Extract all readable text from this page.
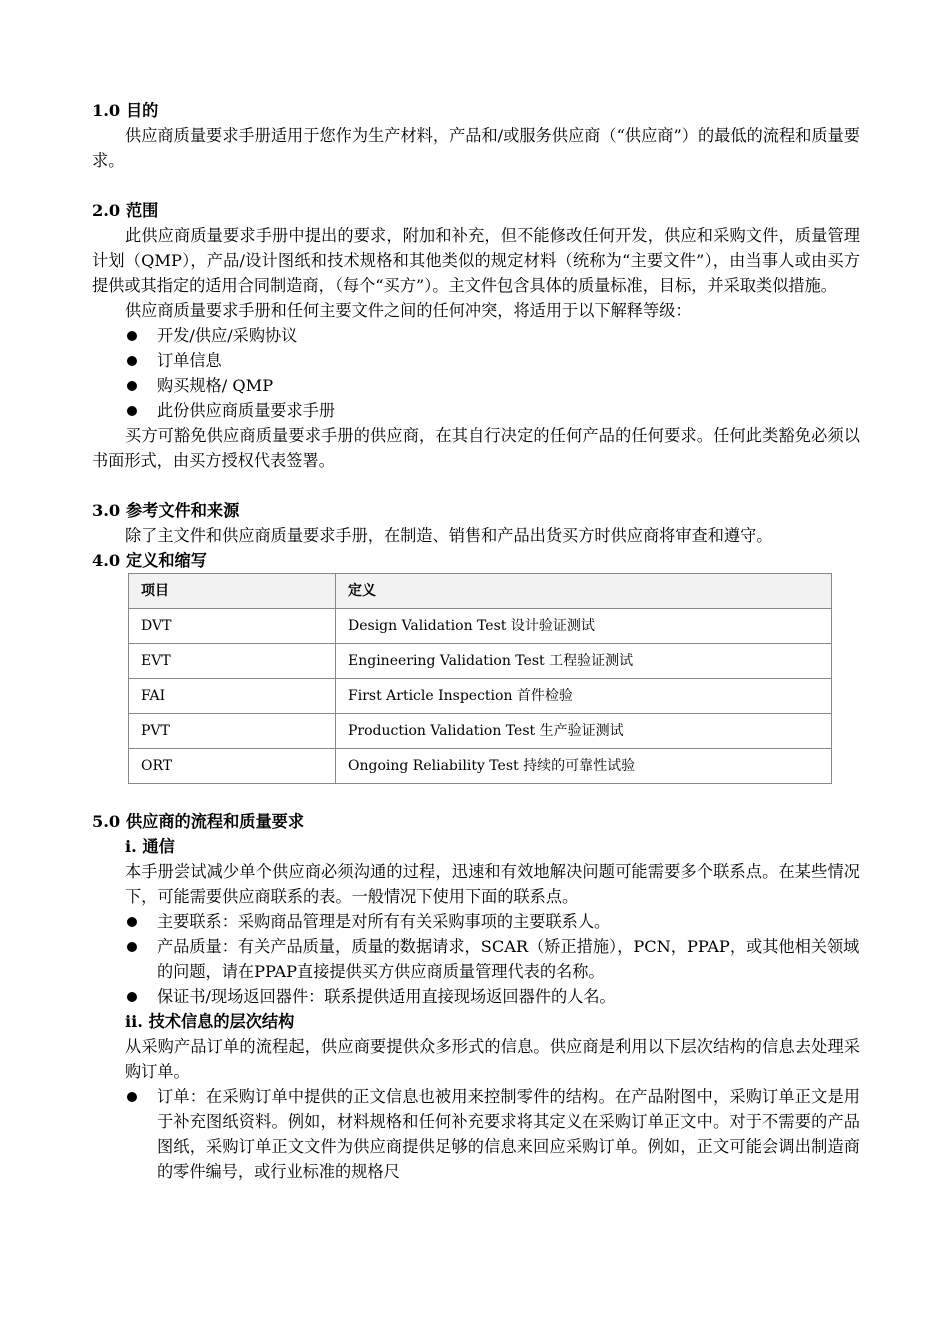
1.0 目的

供应商质量要求手册适用于您作为生产材料，产品和/或服务供应商（“供应商”）的最低的流程和质量要求。

2.0 范围

此供应商质量要求手册中提出的要求，附加和补充，但不能修改任何开发，供应和采购文件，质量管理计划（QMP），产品/设计图纸和技术规格和其他类似的规定材料（统称为“主要文件”），由当事人或由买方提供或其指定的适用合同制造商，（每个“买方”）。主文件包含具体的质量标准，目标，并采取类似措施。

供应商质量要求手册和任何主要文件之间的任何冲突，将适用于以下解释等级：

开发/供应/采购协议
订单信息
购买规格/ QMP
此份供应商质量要求手册

买方可豁免供应商质量要求手册的供应商，在其自行决定的任何产品的任何要求。任何此类豁免必须以书面形式，由买方授权代表签署。

3.0 参考文件和来源

除了主文件和供应商质量要求手册，在制造、销售和产品出货买方时供应商将审查和遵守。

4.0 定义和缩写

项目	定义
DVT	Design Validation Test 设计验证测试
EVT	Engineering Validation Test 工程验证测试
FAI	First Article Inspection 首件检验
PVT	Production Validation Test 生产验证测试
ORT	Ongoing Reliability Test 持续的可靠性试验

5.0 供应商的流程和质量要求

i. 通信

本手册尝试减少单个供应商必须沟通的过程，迅速和有效地解决问题可能需要多个联系点。在某些情况下，可能需要供应商联系的表。一般情况下使用下面的联系点。

主要联系：采购商品管理是对所有有关采购事项的主要联系人。
产品质量：有关产品质量，质量的数据请求，SCAR（矫正措施），PCN，PPAP，或其他相关领域的问题，请在PPAP直接提供买方供应商质量管理代表的名称。
保证书/现场返回器件：联系提供适用直接现场返回器件的人名。

ii. 技术信息的层次结构

从采购产品订单的流程起，供应商要提供众多形式的信息。供应商是利用以下层次结构的信息去处理采购订单。

订单：在采购订单中提供的正文信息也被用来控制零件的结构。在产品附图中，采购订单正文是用于补充图纸资料。例如，材料规格和任何补充要求将其定义在采购订单正文中。对于不需要的产品图纸，采购订单正文文件为供应商提供足够的信息来回应采购订单。例如，正文可能会调出制造商的零件编号，或行业标准的规格尺
